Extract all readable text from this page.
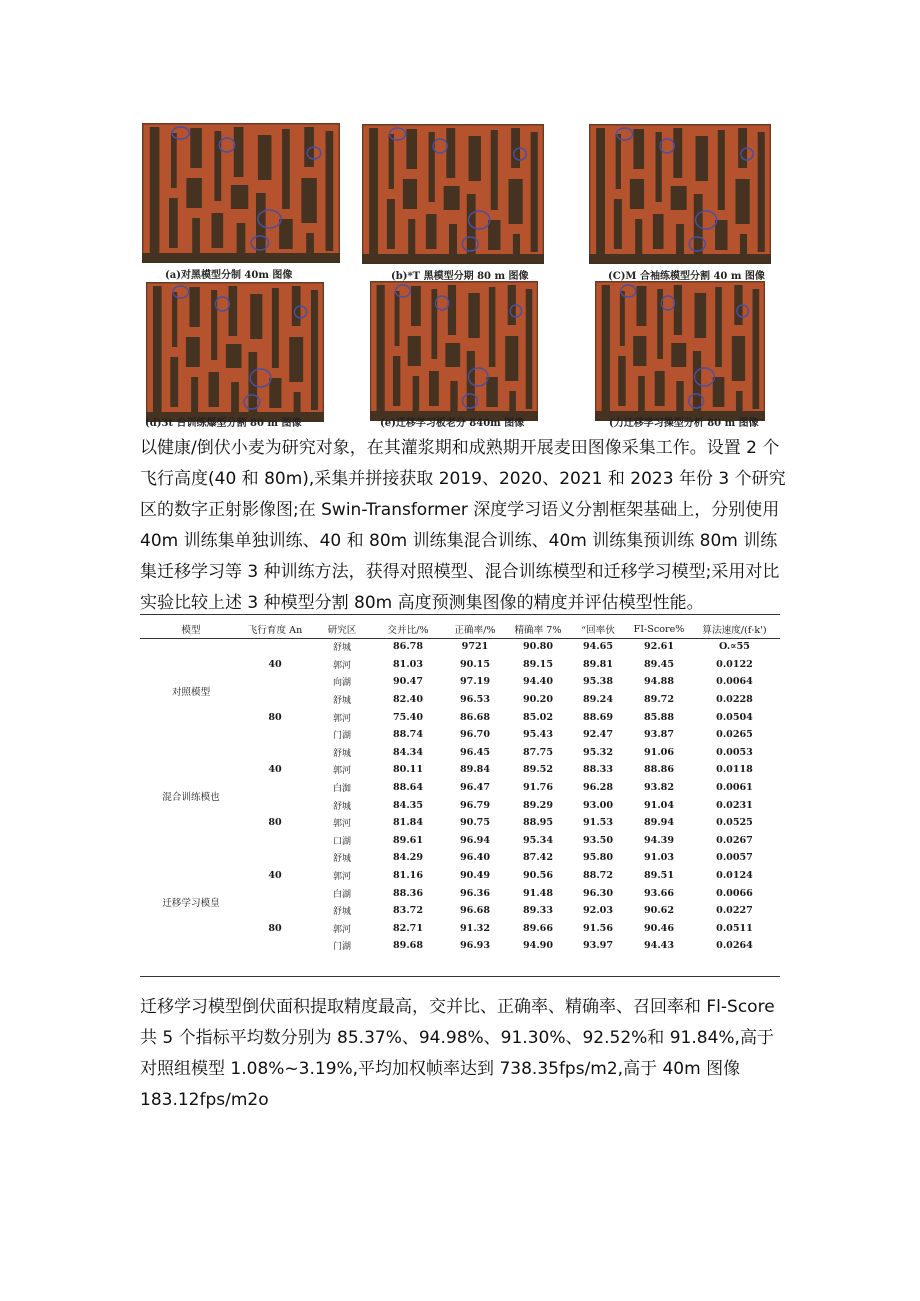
(a)对黑模型分制 40m 图像	(b)*T 黑模型分期 80 m 图像	(C)M 合袖练模型分割 40 m 图像
(d)3t 台训练爆型分割 80 m 图像	(e)迁移学习板老分 840m 图像	(力迁移学习操型分析 80 m 图像
以健康/倒伏小麦为研究对象，在其灌浆期和成熟期开展麦田图像采集工作。设置 2 个飞行高度(40 和 80m),采集并拼接获取 2019、2020、2021 和 2023 年份 3 个研究区的数字正射影像图;在 Swin-Transformer 深度学习语义分割框架基础上，分别使用 40m 训练集单独训练、40 和 80m 训练集混合训练、40m 训练集预训练 80m 训练集迁移学习等 3 种训练方法，获得对照模型、混合训练模型和迁移学习模型;采用对比实验比较上述 3 种模型分割 80m 高度预测集图像的精度并评估模型性能。
模型	飞行育度 An	研究区	交并比/%	正确率/%	精确率 7%	“回率伙	FI-Score%	算法速度/(f·k')
对照模型	40	舒城	86.78	9721	90.80	94.65	92.61	O.∝55
		郭河	81.03	90.15	89.15	89.81	89.45	0.0122
		向湖	90.47	97.19	94.40	95.38	94.88	0.0064
	80	舒城	82.40	96.53	90.20	89.24	89.72	0.0228
		郭河	75.40	86.68	85.02	88.69	85.88	0.0504
		门湖	88.74	96.70	95.43	92.47	93.87	0.0265
混合训练模也	40	舒城	84.34	96.45	87.75	95.32	91.06	0.0053
		郭河	80.11	89.84	89.52	88.33	88.86	0.0118
		白洳	88.64	96.47	91.76	96.28	93.82	0.0061
	80	舒城	84.35	96.79	89.29	93.00	91.04	0.0231
		郭河	81.84	90.75	88.95	91.53	89.94	0.0525
		口湖	89.61	96.94	95.34	93.50	94.39	0.0267
迁移学习模皇	40	舒城	84.29	96.40	87.42	95.80	91.03	0.0057
		郭河	81.16	90.49	90.56	88.72	89.51	0.0124
		白湖	88.36	96.36	91.48	96.30	93.66	0.0066
	80	舒城	83.72	96.68	89.33	92.03	90.62	0.0227
		郭河	82.71	91.32	89.66	91.56	90.46	0.0511
		门湖	89.68	96.93	94.90	93.97	94.43	0.0264
迁移学习模型倒伏面积提取精度最高，交并比、正确率、精确率、召回率和 Fl-Score 共 5 个指标平均数分别为 85.37%、94.98%、91.30%、92.52%和 91.84%,高于对照组模型 1.08%~3.19%,平均加权帧率达到 738.35fps∕m2,高于 40m 图像 183.12fps∕m2o
